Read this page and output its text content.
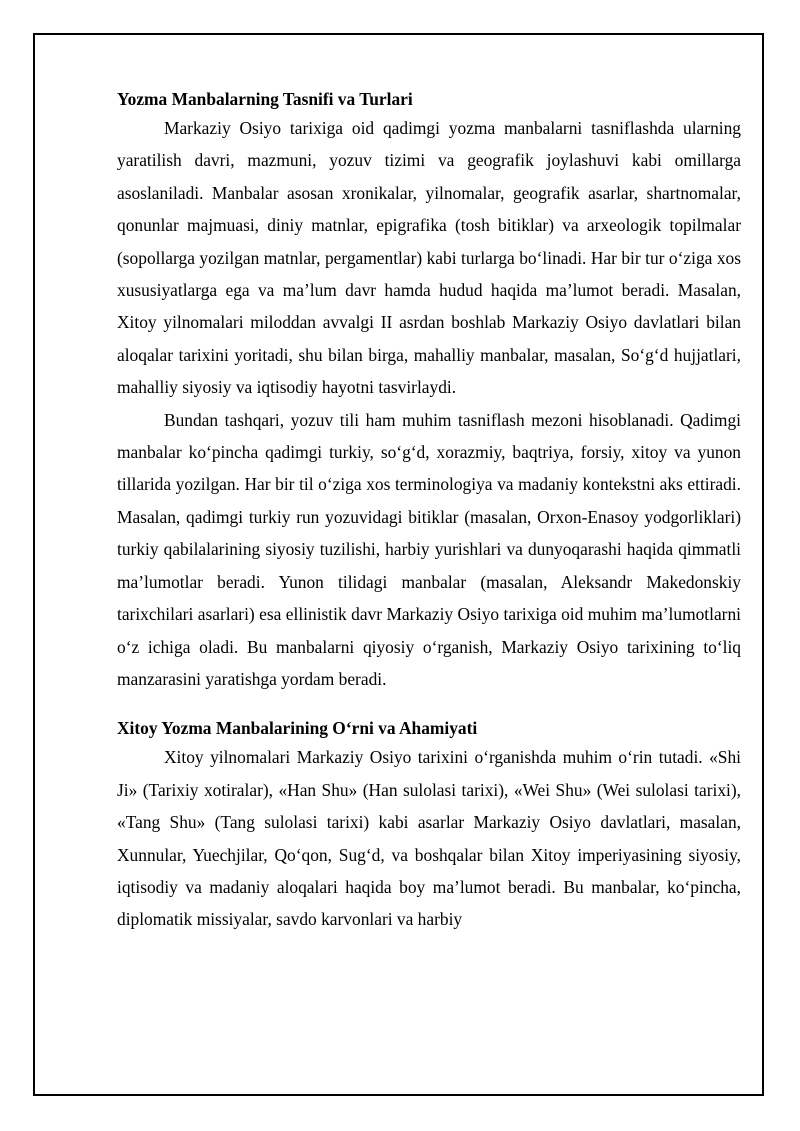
Yozma Manbalarning Tasnifi va Turlari

Markaziy Osiyo tarixiga oid qadimgi yozma manbalarni tasniflashda ularning yaratilish davri, mazmuni, yozuv tizimi va geografik joylashuvi kabi omillarga asoslaniladi. Manbalar asosan xronikalar, yilnomalar, geografik asarlar, shartnomalar, qonunlar majmuasi, diniy matnlar, epigrafika (tosh bitiklar) va arxeologik topilmalar (sopollarga yozilgan matnlar, pergamentlar) kabi turlarga bo‘linadi. Har bir tur o‘ziga xos xususiyatlarga ega va ma’lum davr hamda hudud haqida ma’lumot beradi. Masalan, Xitoy yilnomalari miloddan avvalgi II asrdan boshlab Markaziy Osiyo davlatlari bilan aloqalar tarixini yoritadi, shu bilan birga, mahalliy manbalar, masalan, So‘g‘d hujjatlari, mahalliy siyosiy va iqtisodiy hayotni tasvirlaydi.

Bundan tashqari, yozuv tili ham muhim tasniflash mezoni hisoblanadi. Qadimgi manbalar ko‘pincha qadimgi turkiy, so‘g‘d, xorazmiy, baqtriya, forsiy, xitoy va yunon tillarida yozilgan. Har bir til o‘ziga xos terminologiya va madaniy kontekstni aks ettiradi. Masalan, qadimgi turkiy run yozuvidagi bitiklar (masalan, Orxon-Enasoy yodgorliklari) turkiy qabilalarining siyosiy tuzilishi, harbiy yurishlari va dunyoqarashi haqida qimmatli ma’lumotlar beradi. Yunon tilidagi manbalar (masalan, Aleksandr Makedonskiy tarixchilari asarlari) esa ellinistik davr Markaziy Osiyo tarixiga oid muhim ma’lumotlarni o‘z ichiga oladi. Bu manbalarni qiyosiy o‘rganish, Markaziy Osiyo tarixining to‘liq manzarasini yaratishga yordam beradi.

Xitoy Yozma Manbalarining O‘rni va Ahamiyati

Xitoy yilnomalari Markaziy Osiyo tarixini o‘rganishda muhim o‘rin tutadi. «Shi Ji» (Tarixiy xotiralar), «Han Shu» (Han sulolasi tarixi), «Wei Shu» (Wei sulolasi tarixi), «Tang Shu» (Tang sulolasi tarixi) kabi asarlar Markaziy Osiyo davlatlari, masalan, Xunnular, Yuechjilar, Qo‘qon, Sug‘d, va boshqalar bilan Xitoy imperiyasining siyosiy, iqtisodiy va madaniy aloqalari haqida boy ma’lumot beradi. Bu manbalar, ko‘pincha, diplomatik missiyalar, savdo karvonlari va harbiy
